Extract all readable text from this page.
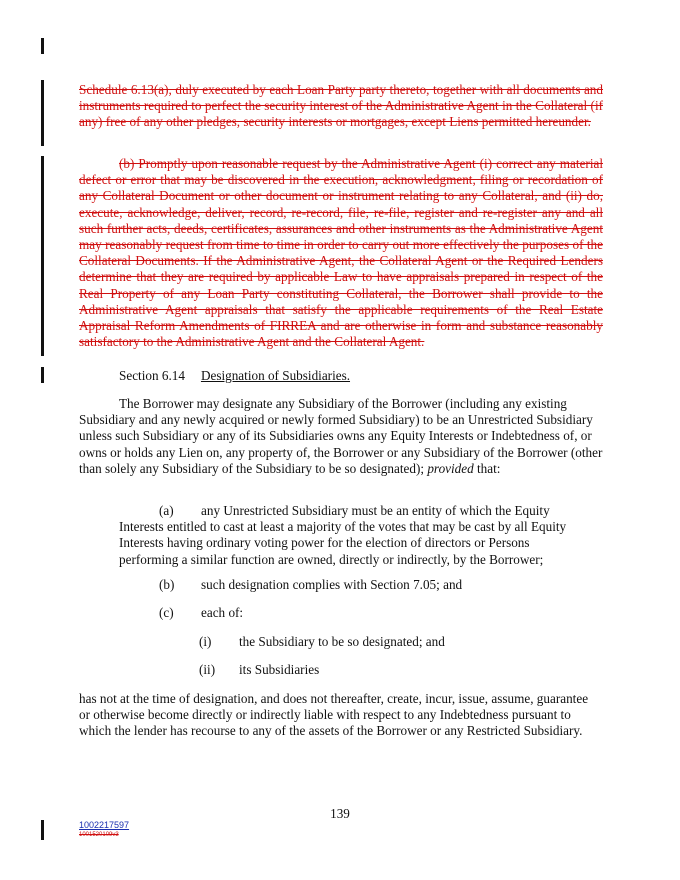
Schedule 6.13(a), duly executed by each Loan Party party thereto, together with all documents and instruments required to perfect the security interest of the Administrative Agent in the Collateral (if any) free of any other pledges, security interests or mortgages, except Liens permitted hereunder.
(b) Promptly upon reasonable request by the Administrative Agent (i) correct any material defect or error that may be discovered in the execution, acknowledgment, filing or recordation of any Collateral Document or other document or instrument relating to any Collateral, and (ii) do, execute, acknowledge, deliver, record, re-record, file, re-file, register and re-register any and all such further acts, deeds, certificates, assurances and other instruments as the Administrative Agent may reasonably request from time to time in order to carry out more effectively the purposes of the Collateral Documents. If the Administrative Agent, the Collateral Agent or the Required Lenders determine that they are required by applicable Law to have appraisals prepared in respect of the Real Property of any Loan Party constituting Collateral, the Borrower shall provide to the Administrative Agent appraisals that satisfy the applicable requirements of the Real Estate Appraisal Reform Amendments of FIRREA and are otherwise in form and substance reasonably satisfactory to the Administrative Agent and the Collateral Agent.
Section 6.14 Designation of Subsidiaries.
The Borrower may designate any Subsidiary of the Borrower (including any existing Subsidiary and any newly acquired or newly formed Subsidiary) to be an Unrestricted Subsidiary unless such Subsidiary or any of its Subsidiaries owns any Equity Interests or Indebtedness of, or owns or holds any Lien on, any property of, the Borrower or any Subsidiary of the Borrower (other than solely any Subsidiary of the Subsidiary to be so designated); provided that:
(a) any Unrestricted Subsidiary must be an entity of which the Equity Interests entitled to cast at least a majority of the votes that may be cast by all Equity Interests having ordinary voting power for the election of directors or Persons performing a similar function are owned, directly or indirectly, by the Borrower;
(b) such designation complies with Section 7.05; and
(c) each of:
(i) the Subsidiary to be so designated; and
(ii) its Subsidiaries
has not at the time of designation, and does not thereafter, create, incur, issue, assume, guarantee or otherwise become directly or indirectly liable with respect to any Indebtedness pursuant to which the lender has recourse to any of the assets of the Borrower or any Restricted Subsidiary.
139
1002217597
1001520109v3
